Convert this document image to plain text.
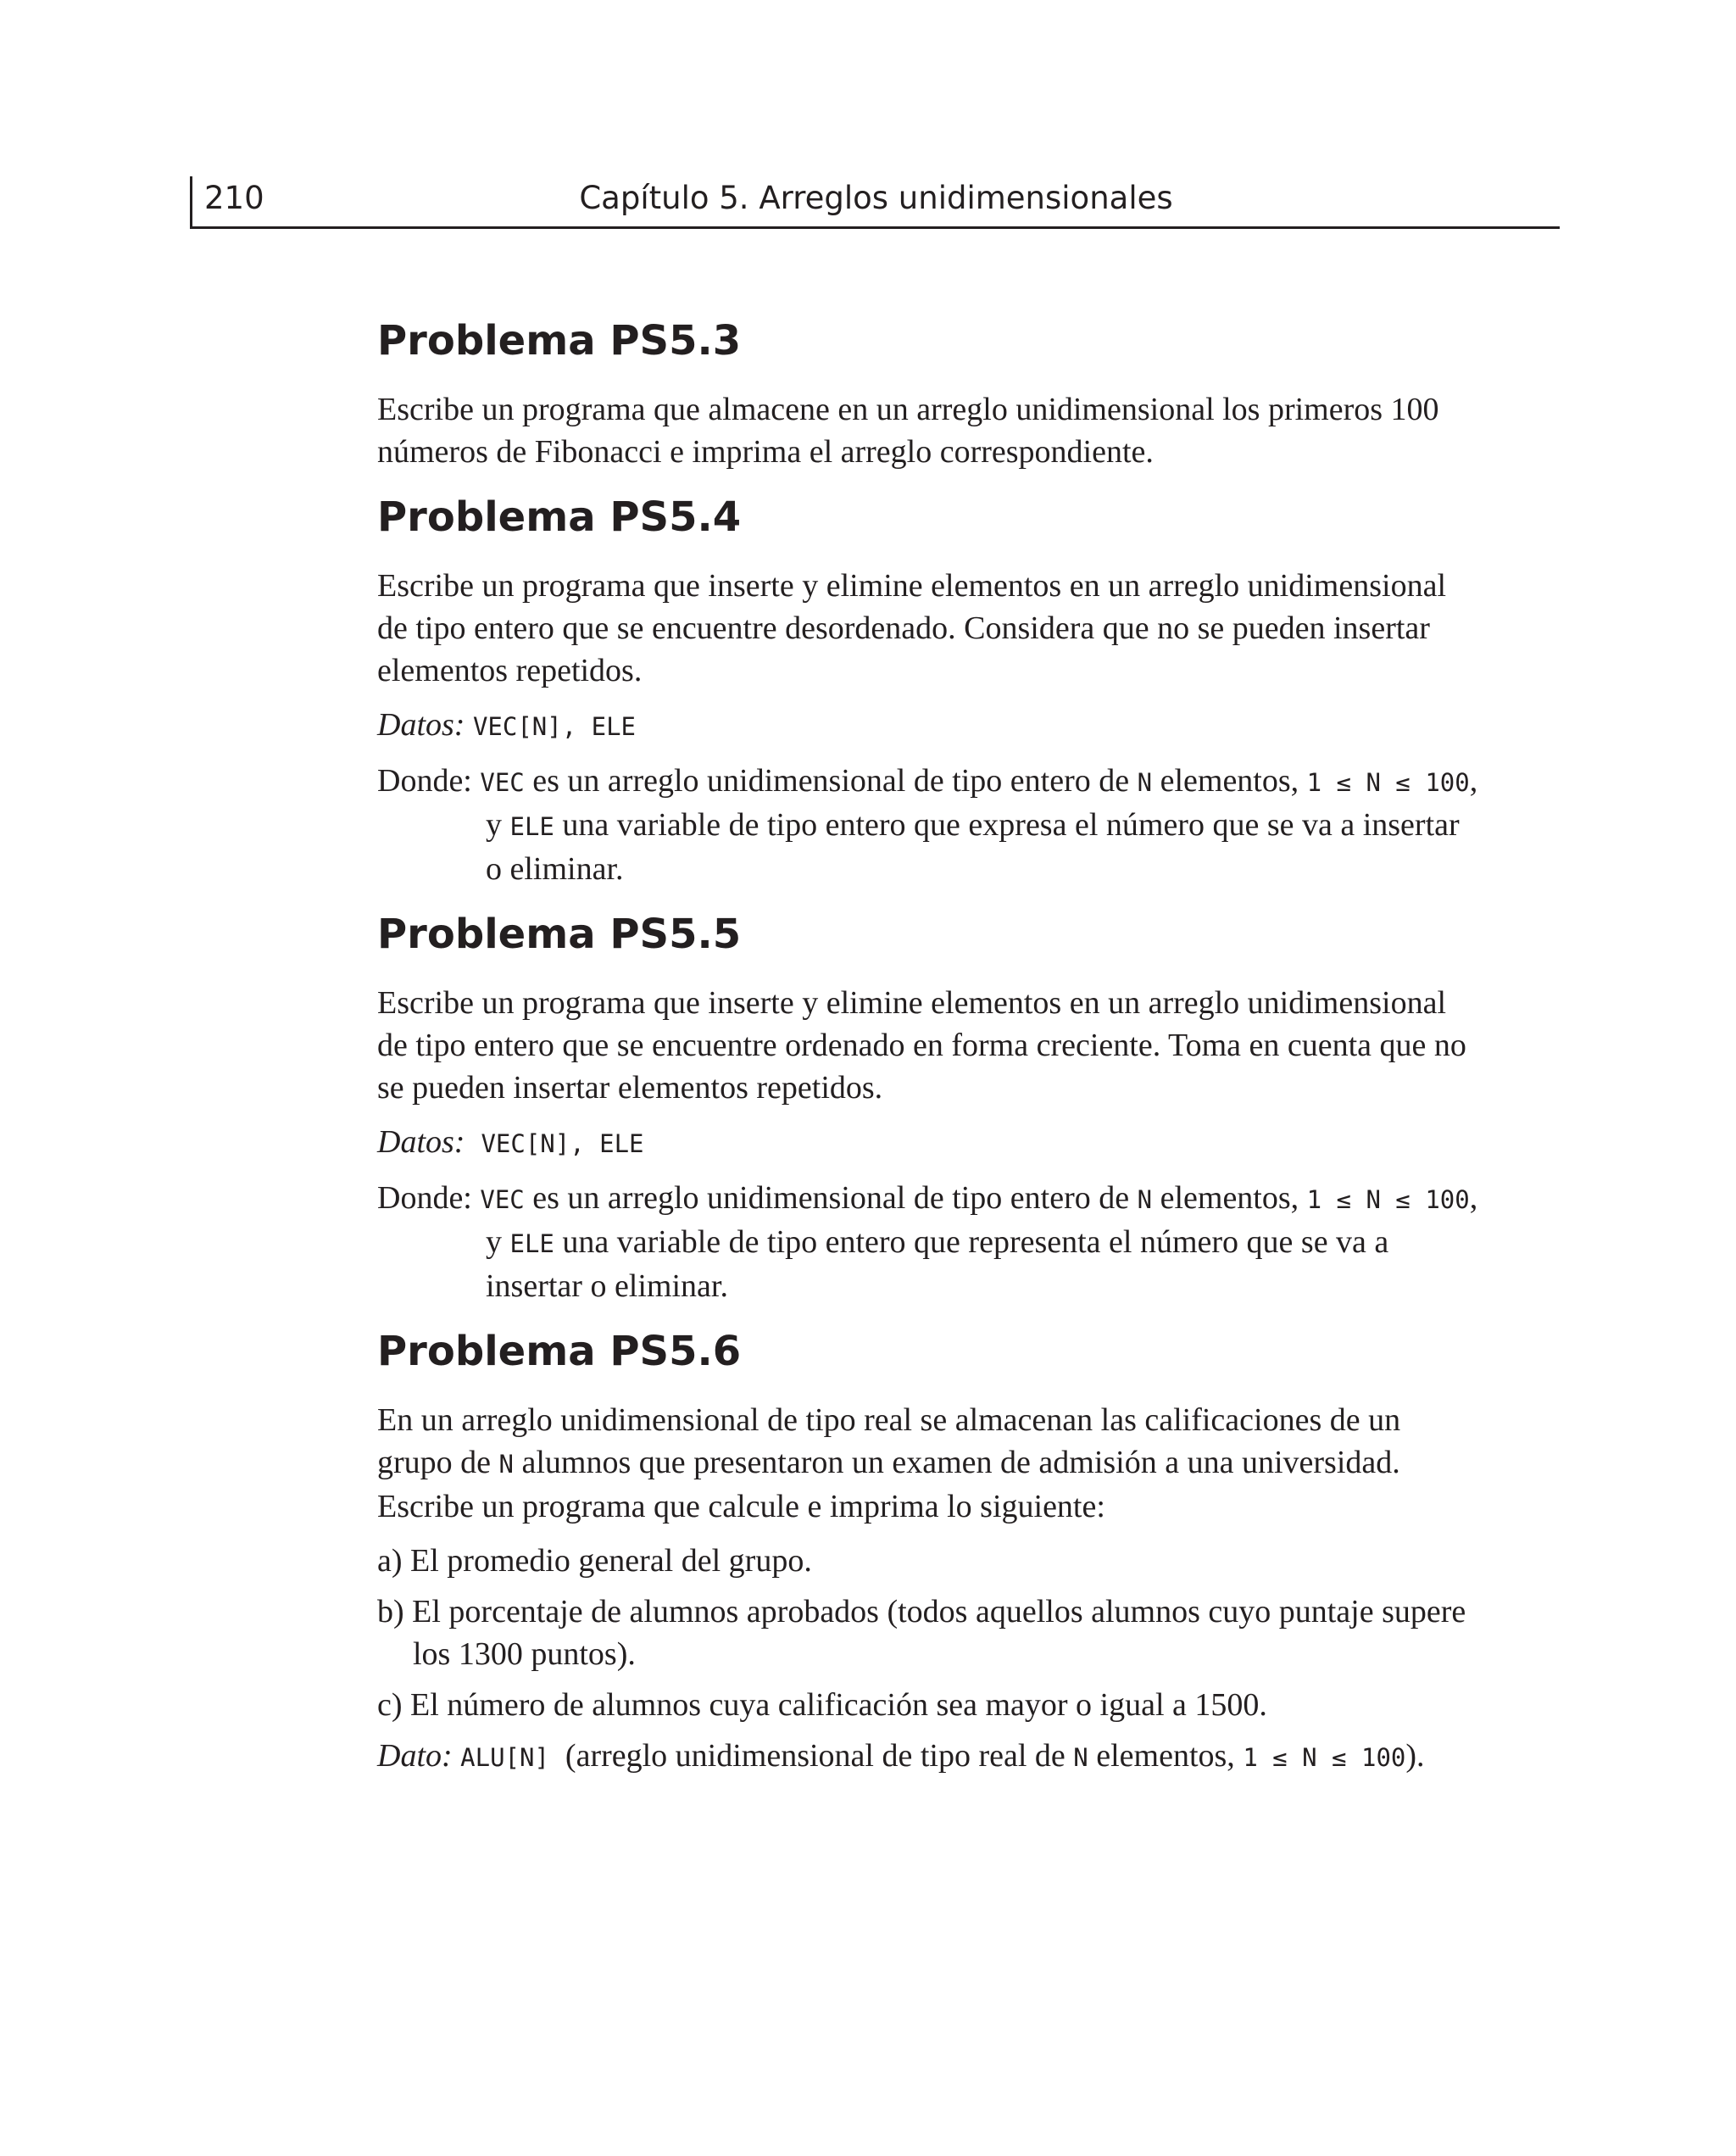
210	Capítulo 5. Arreglos unidimensionales
Problema PS5.3

Escribe un programa que almacene en un arreglo unidimensional los primeros 100 números de Fibonacci e imprima el arreglo correspondiente.

Problema PS5.4

Escribe un programa que inserte y elimine elementos en un arreglo unidimensional de tipo entero que se encuentre desordenado. Considera que no se pueden insertar elementos repetidos.

Datos: VEC[N], ELE

Donde: VEC es un arreglo unidimensional de tipo entero de N elementos, 1 ≤ N ≤ 100, y ELE una variable de tipo entero que expresa el número que se va a insertar o eliminar.

Problema PS5.5

Escribe un programa que inserte y elimine elementos en un arreglo unidimensional de tipo entero que se encuentre ordenado en forma creciente. Toma en cuenta que no se pueden insertar elementos repetidos.

Datos: VEC[N], ELE

Donde: VEC es un arreglo unidimensional de tipo entero de N elementos, 1 ≤ N ≤ 100, y ELE una variable de tipo entero que representa el número que se va a insertar o eliminar.

Problema PS5.6

En un arreglo unidimensional de tipo real se almacenan las calificaciones de un grupo de N alumnos que presentaron un examen de admisión a una universidad. Escribe un programa que calcule e imprima lo siguiente:

a) El promedio general del grupo.

b) El porcentaje de alumnos aprobados (todos aquellos alumnos cuyo puntaje supere los 1300 puntos).

c) El número de alumnos cuya calificación sea mayor o igual a 1500.

Dato: ALU[N]  (arreglo unidimensional de tipo real de N elementos, 1 ≤ N ≤ 100).
